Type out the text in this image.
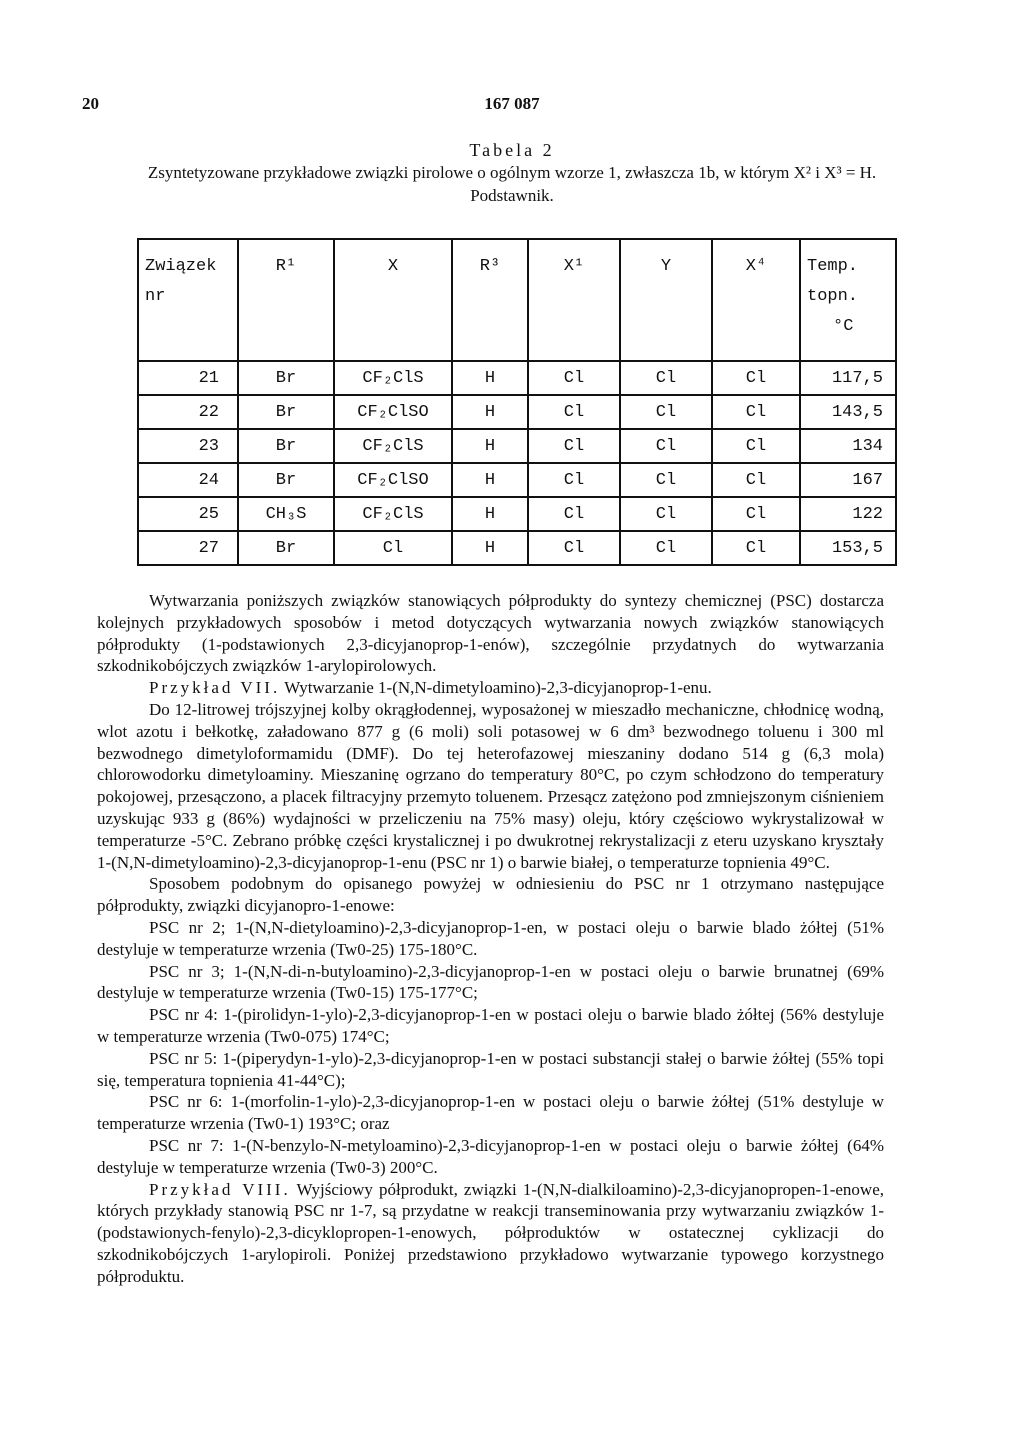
20	167 087
Tabela 2
Zsyntetyzowane przykładowe związki pirolowe o ogólnym wzorze 1, zwłaszcza 1b, w którym X² i X³ = H.
Podstawnik.
Związek
nr	R¹	X	R³	X¹	Y	X⁴	Temp.
topn.
°C
21	Br	CF₂ClS	H	Cl	Cl	Cl	117,5
22	Br	CF₂ClSO	H	Cl	Cl	Cl	143,5
23	Br	CF₂ClS	H	Cl	Cl	Cl	134
24	Br	CF₂ClSO	H	Cl	Cl	Cl	167
25	CH₃S	CF₂ClS	H	Cl	Cl	Cl	122
27	Br	Cl	H	Cl	Cl	Cl	153,5

Wytwarzania poniższych związków stanowiących półprodukty do syntezy chemicznej (PSC) dostarcza kolejnych przykładowych sposobów i metod dotyczących wytwarzania nowych związków stanowiących półprodukty (1-podstawionych 2,3-dicyjanoprop-1-enów), szczególnie przydatnych do wytwarzania szkodnikobójczych związków 1-arylopirolowych.

Przykład VII. Wytwarzanie 1-(N,N-dimetyloamino)-2,3-dicyjanoprop-1-enu.

Do 12-litrowej trójszyjnej kolby okrągłodennej, wyposażonej w mieszadło mechaniczne, chłodnicę wodną, wlot azotu i bełkotkę, załadowano 877 g (6 moli) soli potasowej w 6 dm³ bezwodnego toluenu i 300 ml bezwodnego dimetyloformamidu (DMF). Do tej heterofazowej mieszaniny dodano 514 g (6,3 mola) chlorowodorku dimetyloaminy. Mieszaninę ogrzano do temperatury 80°C, po czym schłodzono do temperatury pokojowej, przesączono, a placek filtracyjny przemyto toluenem. Przesącz zatężono pod zmniejszonym ciśnieniem uzyskując 933 g (86%) wydajności w przeliczeniu na 75% masy) oleju, który częściowo wykrystalizował w temperaturze -5°C. Zebrano próbkę części krystalicznej i po dwukrotnej rekrystalizacji z eteru uzyskano kryształy 1-(N,N-dimetyloamino)-2,3-dicyjanoprop-1-enu (PSC nr 1) o barwie białej, o temperaturze topnienia 49°C.

Sposobem podobnym do opisanego powyżej w odniesieniu do PSC nr 1 otrzymano następujące półprodukty, związki dicyjanopro-1-enowe:

PSC nr 2; 1-(N,N-dietyloamino)-2,3-dicyjanoprop-1-en, w postaci oleju o barwie blado żółtej (51% destyluje w temperaturze wrzenia (Tw0-25) 175-180°C.

PSC nr 3; 1-(N,N-di-n-butyloamino)-2,3-dicyjanoprop-1-en w postaci oleju o barwie brunatnej (69% destyluje w temperaturze wrzenia (Tw0-15) 175-177°C;

PSC nr 4: 1-(pirolidyn-1-ylo)-2,3-dicyjanoprop-1-en w postaci oleju o barwie blado żółtej (56% destyluje w temperaturze wrzenia (Tw0-075) 174°C;

PSC nr 5: 1-(piperydyn-1-ylo)-2,3-dicyjanoprop-1-en w postaci substancji stałej o barwie żółtej (55% topi się, temperatura topnienia 41-44°C);

PSC nr 6: 1-(morfolin-1-ylo)-2,3-dicyjanoprop-1-en w postaci oleju o barwie żółtej (51% destyluje w temperaturze wrzenia (Tw0-1) 193°C; oraz

PSC nr 7: 1-(N-benzylo-N-metyloamino)-2,3-dicyjanoprop-1-en w postaci oleju o barwie żółtej (64% destyluje w temperaturze wrzenia (Tw0-3) 200°C.

Przykład VIII. Wyjściowy półprodukt, związki 1-(N,N-dialkiloamino)-2,3-dicyjanopropen-1-enowe, których przykłady stanowią PSC nr 1-7, są przydatne w reakcji transeminowania przy wytwarzaniu związków 1-(podstawionych-fenylo)-2,3-dicyklopropen-1-enowych, półproduktów w ostatecznej cyklizacji do szkodnikobójczych 1-arylopiroli. Poniżej przedstawiono przykładowo wytwarzanie typowego korzystnego półproduktu.
